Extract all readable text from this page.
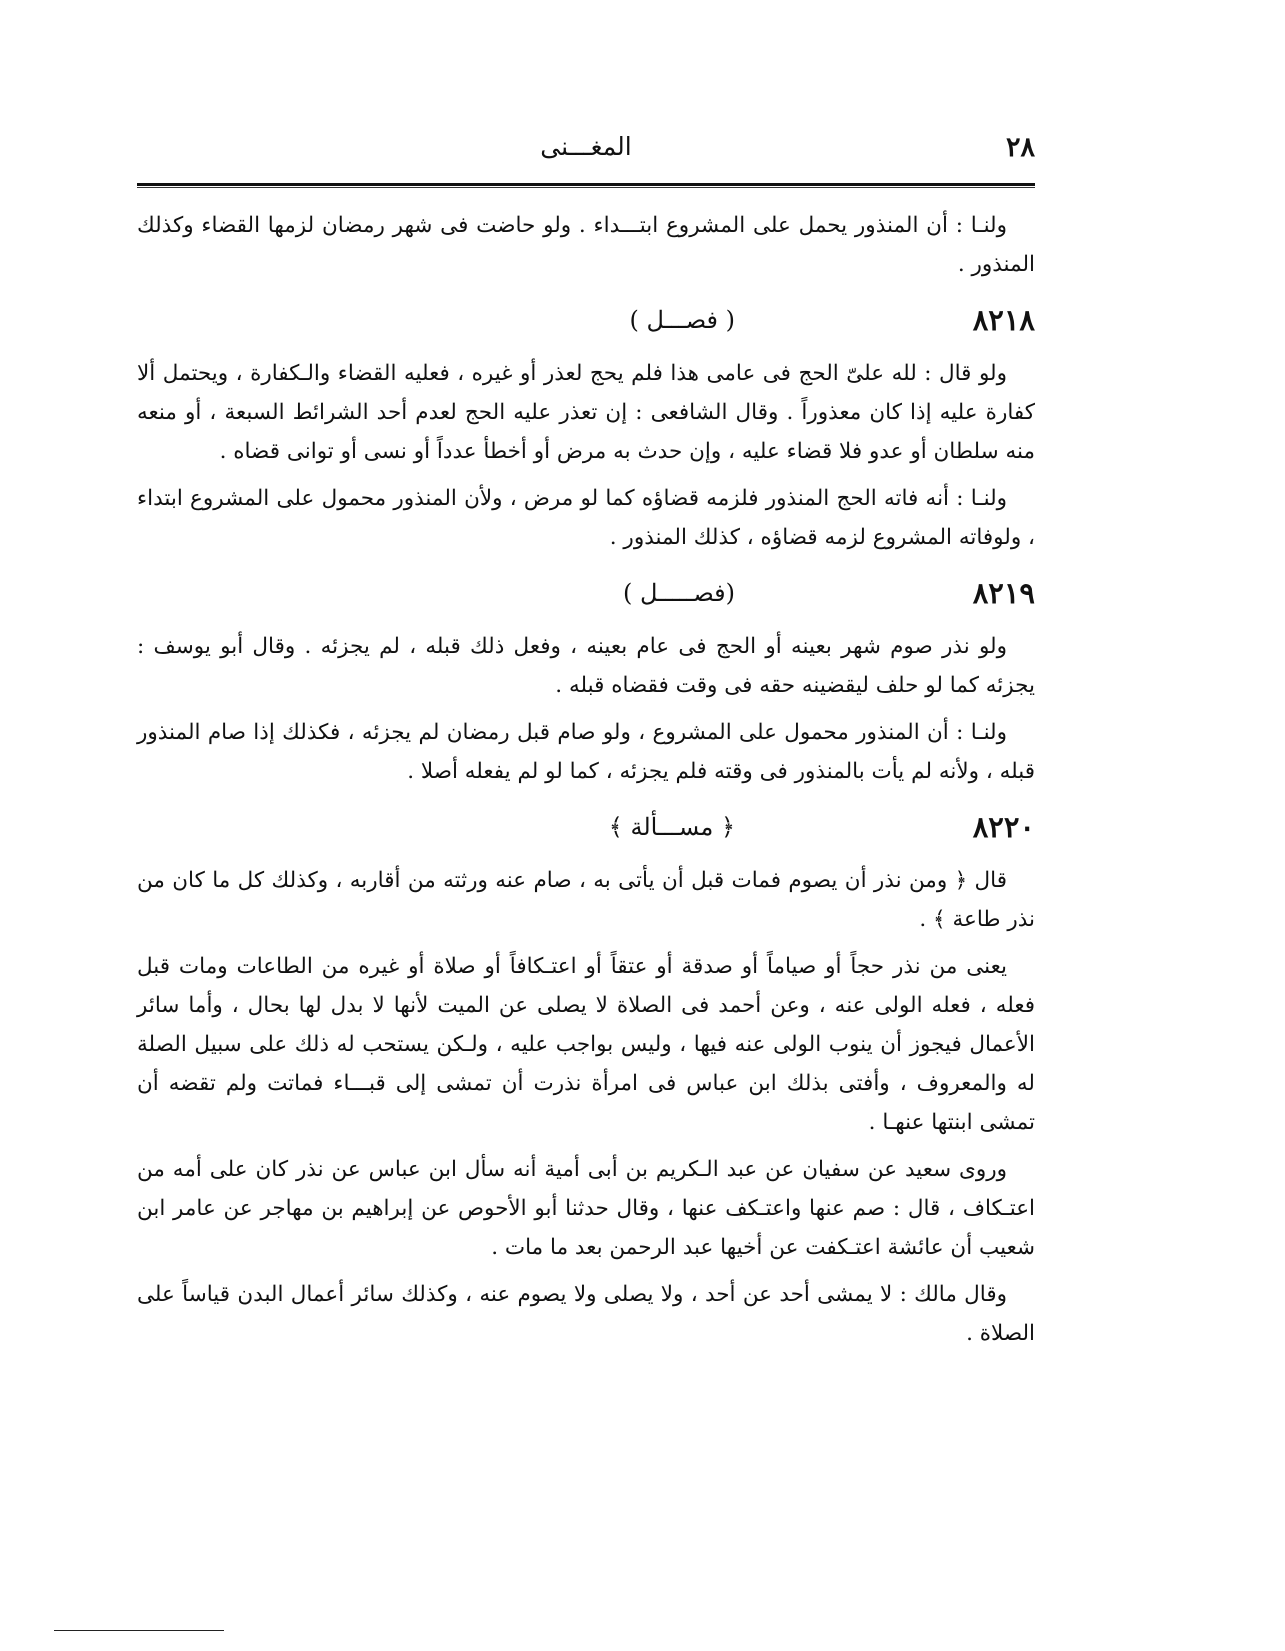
٢٨
المغـــنى

ولنـا : أن المنذور يحمل على المشروع ابتـــداء . ولو حاضت فى شهر رمضان لزمها القضاء وكذلك المنذور .

٨٢١٨
( فصـــل )

ولو قال : لله علىّ الحج فى عامى هذا فلم يحج لعذر أو غيره ، فعليه القضاء والـكفارة ، ويحتمل ألا كفارة عليه إذا كان معذوراً . وقال الشافعى : إن تعذر عليه الحج لعدم أحد الشرائط السبعة ، أو منعه منه سلطان أو عدو فلا قضاء عليه ، وإن حدث به مرض أو أخطأ عدداً أو نسى أو توانى قضاه .

ولنـا : أنه فاته الحج المنذور فلزمه قضاؤه كما لو مرض ، ولأن المنذور محمول على المشروع ابتداء ، ولوفاته المشروع لزمه قضاؤه ، كذلك المنذور .

٨٢١٩
(فصـــــل )

ولو نذر صوم شهر بعينه أو الحج فى عام بعينه ، وفعل ذلك قبله ، لم يجزئه . وقال أبو يوسف : يجزئه كما لو حلف ليقضينه حقه فى وقت فقضاه قبله .

ولنـا : أن المنذور محمول على المشروع ، ولو صام قبل رمضان لم يجزئه ، فكذلك إذا صام المنذور قبله ، ولأنه لم يأت بالمنذور فى وقته فلم يجزئه ، كما لو لم يفعله أصلا .

٨٢٢٠
﴿ مســـألة ﴾

قال ﴿ ومن نذر أن يصوم فمات قبل أن يأتى به ، صام عنه ورثته من أقاربه ، وكذلك كل ما كان من نذر طاعة ﴾ .

يعنى من نذر حجاً أو صياماً أو صدقة أو عتقاً أو اعتـكافاً أو صلاة أو غيره من الطاعات ومات قبل فعله ، فعله الولى عنه ، وعن أحمد فى الصلاة لا يصلى عن الميت لأنها لا بدل لها بحال ، وأما سائر الأعمال فيجوز أن ينوب الولى عنه فيها ، وليس بواجب عليه ، ولـكن يستحب له ذلك على سبيل الصلة له والمعروف ، وأفتى بذلك ابن عباس فى امرأة نذرت أن تمشى إلى قبـــاء فماتت ولم تقضه أن تمشى ابنتها عنهـا .

وروى سعيد عن سفيان عن عبد الـكريم بن أبى أمية أنه سأل ابن عباس عن نذر كان على أمه من اعتـكاف ، قال : صم عنها واعتـكف عنها ، وقال حدثنا أبو الأحوص عن إبراهيم بن مهاجر عن عامر ابن شعيب أن عائشة اعتـكفت عن أخيها عبد الرحمن بعد ما مات .

وقال مالك : لا يمشى أحد عن أحد ، ولا يصلى ولا يصوم عنه ، وكذلك سائر أعمال البدن قياساً على الصلاة .
